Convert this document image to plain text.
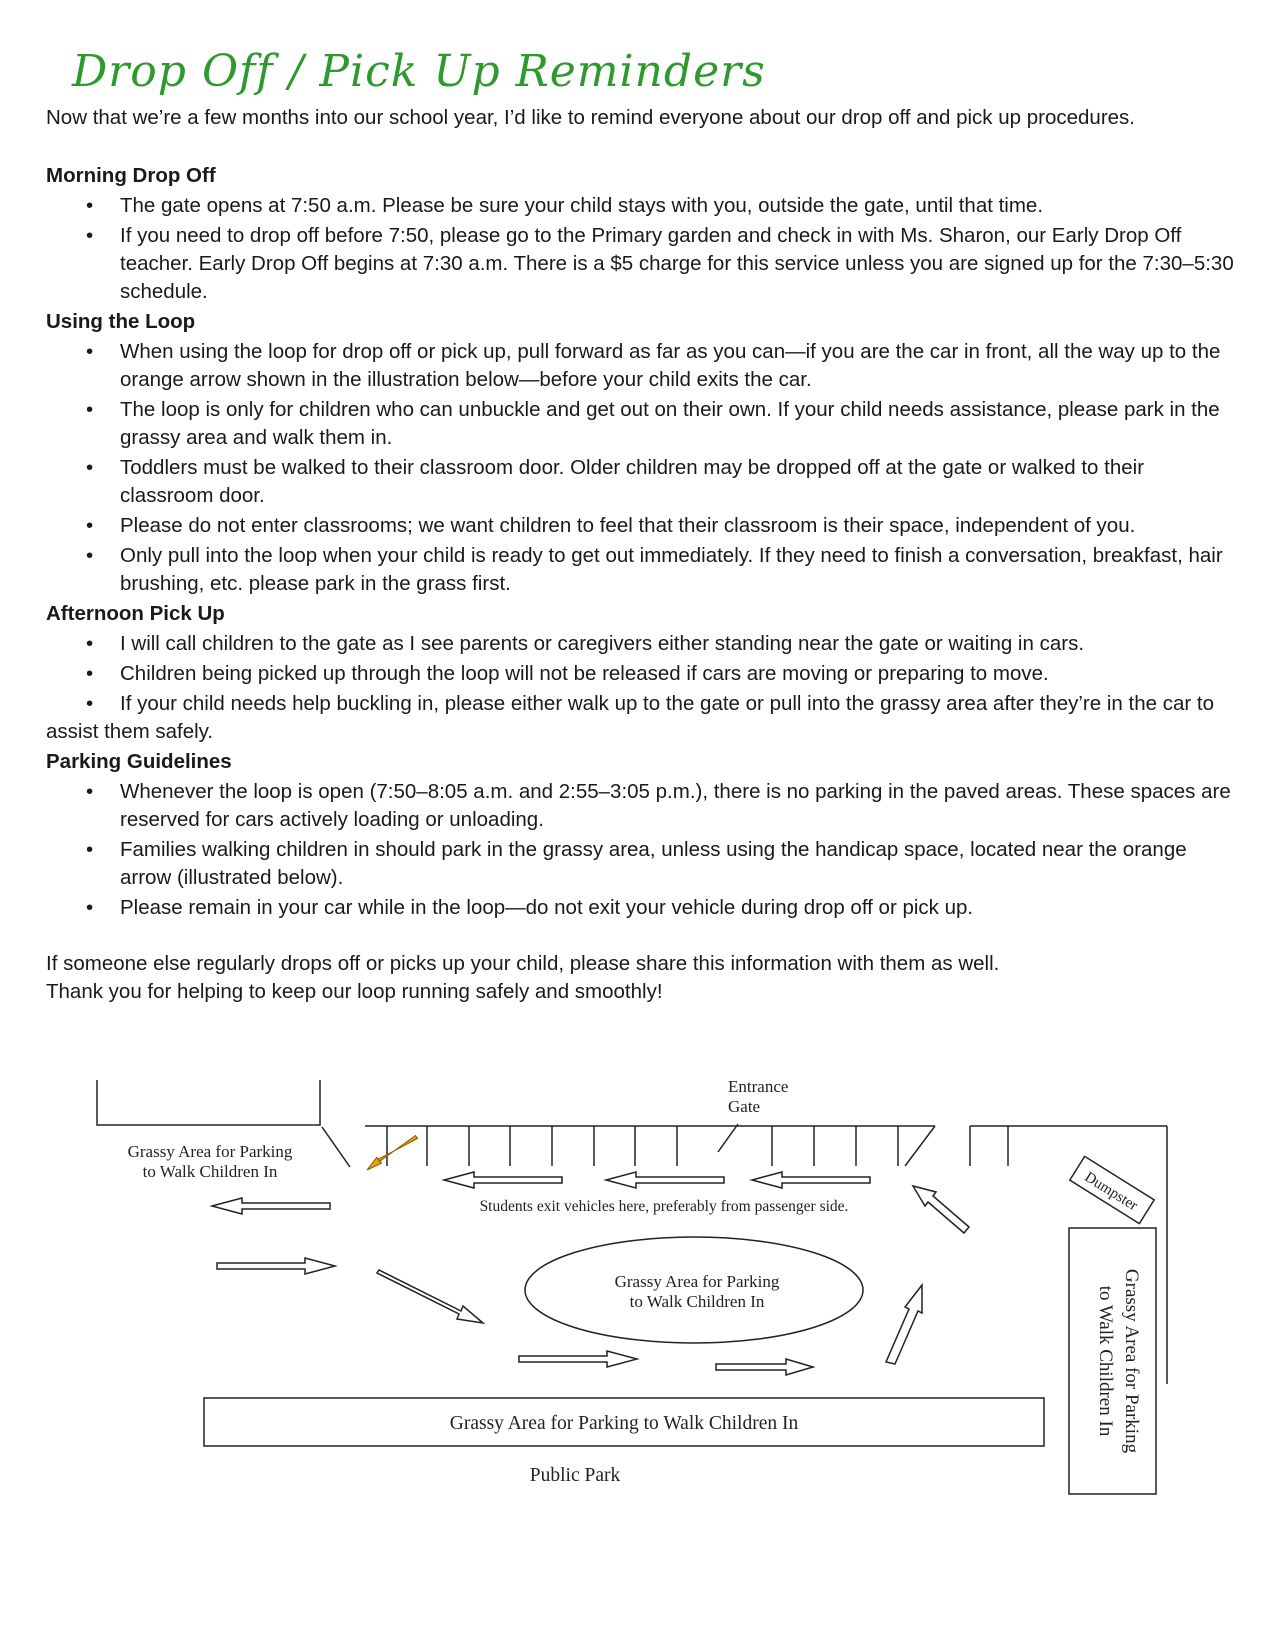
Drop Off / Pick Up Reminders

Now that we’re a few months into our school year, I’d like to remind everyone about our drop off and pick up procedures.

Morning Drop Off

• The gate opens at 7:50 a.m. Please be sure your child stays with you, outside the gate, until that time.
• If you need to drop off before 7:50, please go to the Primary garden and check in with Ms. Sharon, our Early Drop Off teacher. Early Drop Off begins at 7:30 a.m. There is a $5 charge for this service unless you are signed up for the 7:30–5:30 schedule.

Using the Loop

• When using the loop for drop off or pick up, pull forward as far as you can—if you are the car in front, all the way up to the orange arrow shown in the illustration below—before your child exits the car.
• The loop is only for children who can unbuckle and get out on their own. If your child needs assistance, please park in the grassy area and walk them in.
• Toddlers must be walked to their classroom door. Older children may be dropped off at the gate or walked to their classroom door.
• Please do not enter classrooms; we want children to feel that their classroom is their space, independent of you.
• Only pull into the loop when your child is ready to get out immediately. If they need to finish a conversation, breakfast, hair brushing, etc. please park in the grass first.

Afternoon Pick Up

• I will call children to the gate as I see parents or caregivers either standing near the gate or waiting in cars.
• Children being picked up through the loop will not be released if cars are moving or preparing to move.
• If your child needs help buckling in, please either walk up to the gate or pull into the grassy area after they’re in the car to assist them safely.

Parking Guidelines

• Whenever the loop is open (7:50–8:05 a.m. and 2:55–3:05 p.m.), there is no parking in the paved areas. These spaces are reserved for cars actively loading or unloading.
• Families walking children in should park in the grassy area, unless using the handicap space, located near the orange arrow (illustrated below).
• Please remain in your car while in the loop—do not exit your vehicle during drop off or pick up.

If someone else regularly drops off or picks up your child, please share this information with them as well.

Thank you for helping to keep our loop running safely and smoothly!

Grassy Area for Parking
to Walk Children In
Entrance
Gate
Students exit vehicles here, preferably from passenger side.
Grassy Area for Parking
to Walk Children In
Grassy Area for Parking to Walk Children In
Public Park
Dumpster
Grassy Area for Parking
to Walk Children In
